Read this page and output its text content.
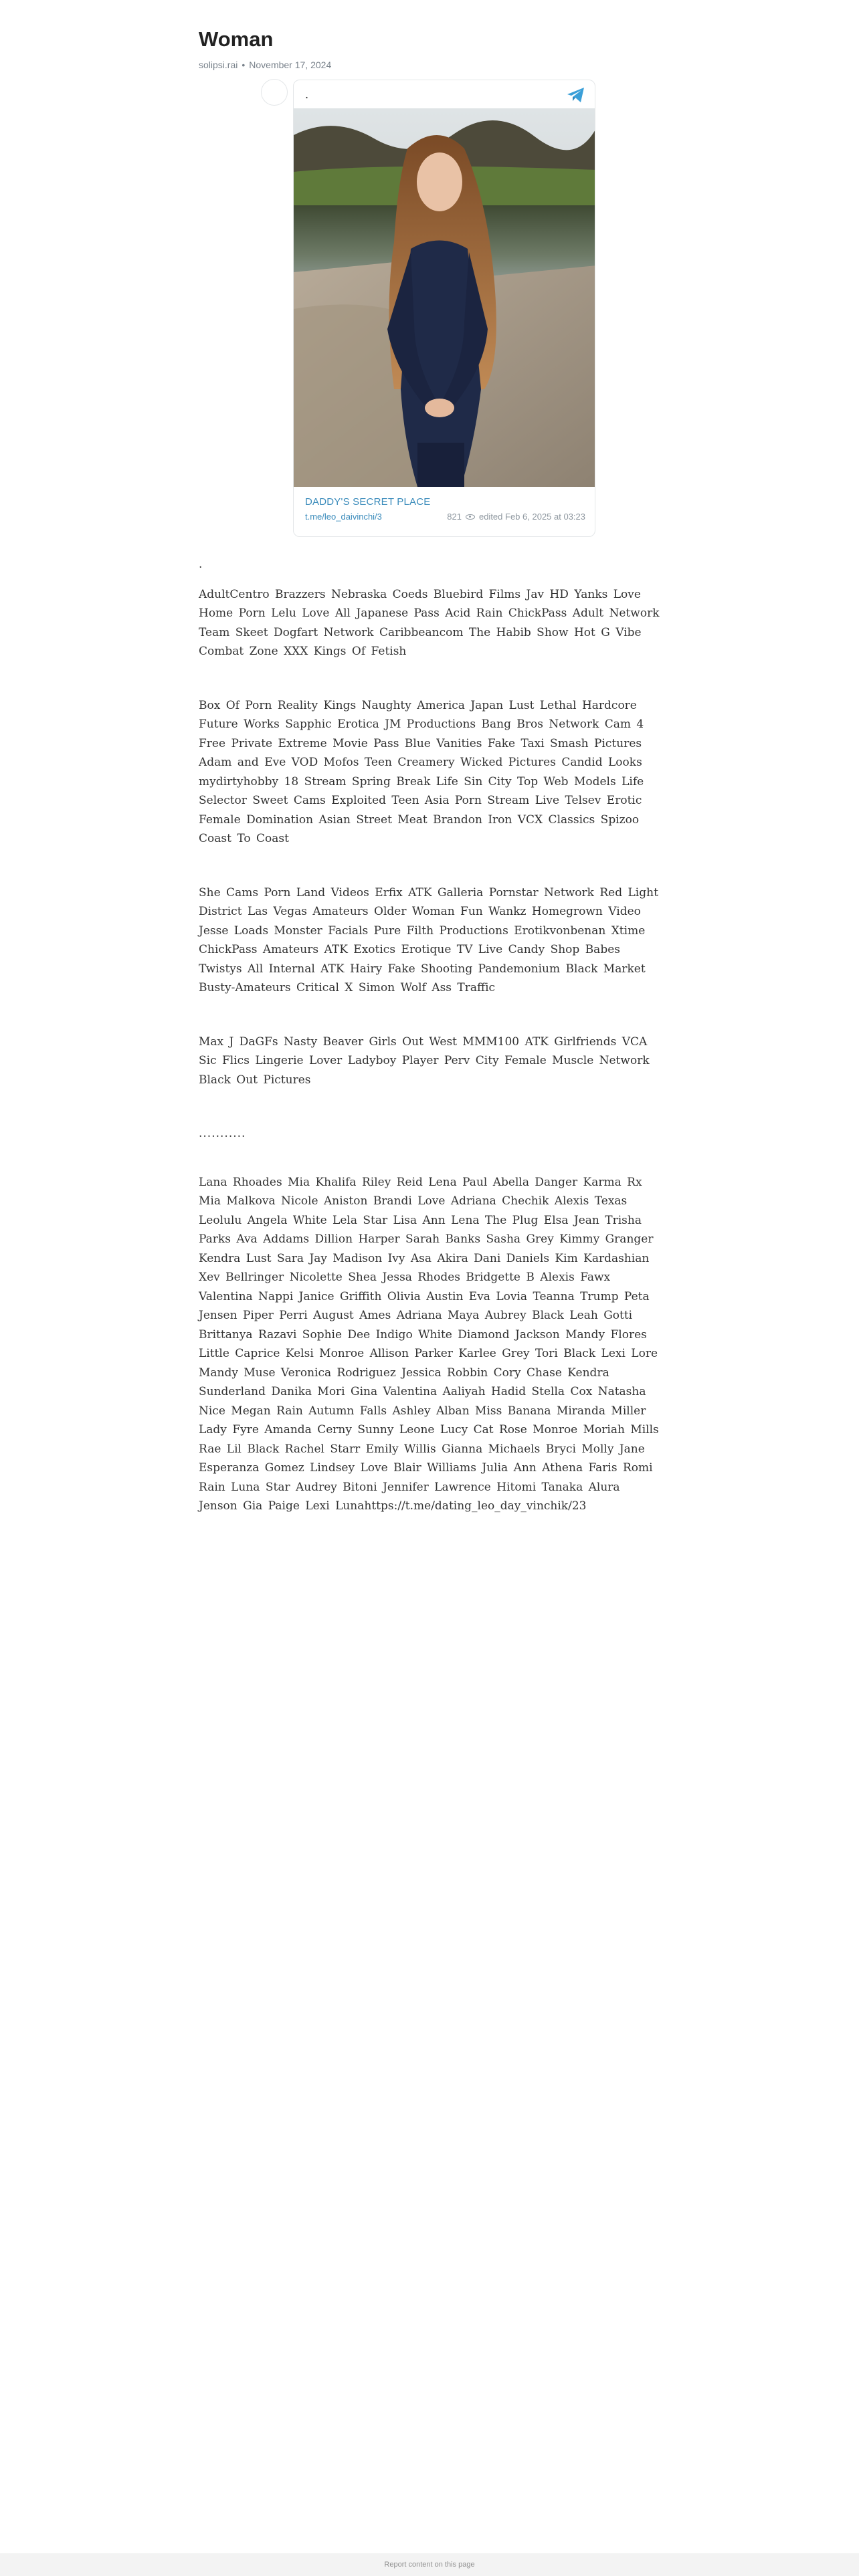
Woman
solipsi.rai • November 17, 2024
.
DADDY'S SECRET PLACE
t.me/leo_daivinchi/3	821 edited Feb 6, 2025 at 03:23

.

AdultCentro Brazzers Nebraska Coeds Bluebird Films Jav HD Yanks Love Home Porn Lelu Love All Japanese Pass Acid Rain ChickPass Adult Network Team Skeet Dogfart Network Caribbeancom The Habib Show Hot G Vibe Combat Zone XXX Kings Of Fetish

Box Of Porn Reality Kings Naughty America Japan Lust Lethal Hardcore Future Works Sapphic Erotica JM Productions Bang Bros Network Cam 4 Free Private Extreme Movie Pass Blue Vanities Fake Taxi Smash Pictures Adam and Eve VOD Mofos Teen Creamery Wicked Pictures Candid Looks mydirtyhobby 18 Stream Spring Break Life Sin City Top Web Models Life Selector Sweet Cams Exploited Teen Asia Porn Stream Live Telsev Erotic Female Domination Asian Street Meat Brandon Iron VCX Classics Spizoo Coast To Coast

She Cams Porn Land Videos Erfix ATK Galleria Pornstar Network Red Light District Las Vegas Amateurs Older Woman Fun Wankz Homegrown Video Jesse Loads Monster Facials Pure Filth Productions Erotikvonbenan Xtime ChickPass Amateurs ATK Exotics Erotique TV Live Candy Shop Babes Twistys All Internal ATK Hairy Fake Shooting Pandemonium Black Market Busty-Amateurs Critical X Simon Wolf Ass Traffic

Max J DaGFs Nasty Beaver Girls Out West MMM100 ATK Girlfriends VCA Sic Flics Lingerie Lover Ladyboy Player Perv City Female Muscle Network Black Out Pictures

...........

Lana Rhoades Mia Khalifa Riley Reid Lena Paul Abella Danger Karma Rx Mia Malkova Nicole Aniston Brandi Love Adriana Chechik Alexis Texas Leolulu Angela White Lela Star Lisa Ann Lena The Plug Elsa Jean Trisha Parks Ava Addams Dillion Harper Sarah Banks Sasha Grey Kimmy Granger Kendra Lust Sara Jay Madison Ivy Asa Akira Dani Daniels Kim Kardashian Xev Bellringer Nicolette Shea Jessa Rhodes Bridgette B Alexis Fawx Valentina Nappi Janice Griffith Olivia Austin Eva Lovia Teanna Trump Peta Jensen Piper Perri August Ames Adriana Maya Aubrey Black Leah Gotti Brittanya Razavi Sophie Dee Indigo White Diamond Jackson Mandy Flores Little Caprice Kelsi Monroe Allison Parker Karlee Grey Tori Black Lexi Lore Mandy Muse Veronica Rodriguez Jessica Robbin Cory Chase Kendra Sunderland Danika Mori Gina Valentina Aaliyah Hadid Stella Cox Natasha Nice Megan Rain Autumn Falls Ashley Alban Miss Banana Miranda Miller Lady Fyre Amanda Cerny Sunny Leone Lucy Cat Rose Monroe Moriah Mills Rae Lil Black Rachel Starr Emily Willis Gianna Michaels Bryci Molly Jane Esperanza Gomez Lindsey Love Blair Williams Julia Ann Athena Faris Romi Rain Luna Star Audrey Bitoni Jennifer Lawrence Hitomi Tanaka Alura Jenson Gia Paige Lexi Lunahttps://t.me/dating_leo_day_vinchik/23

Report content on this page
